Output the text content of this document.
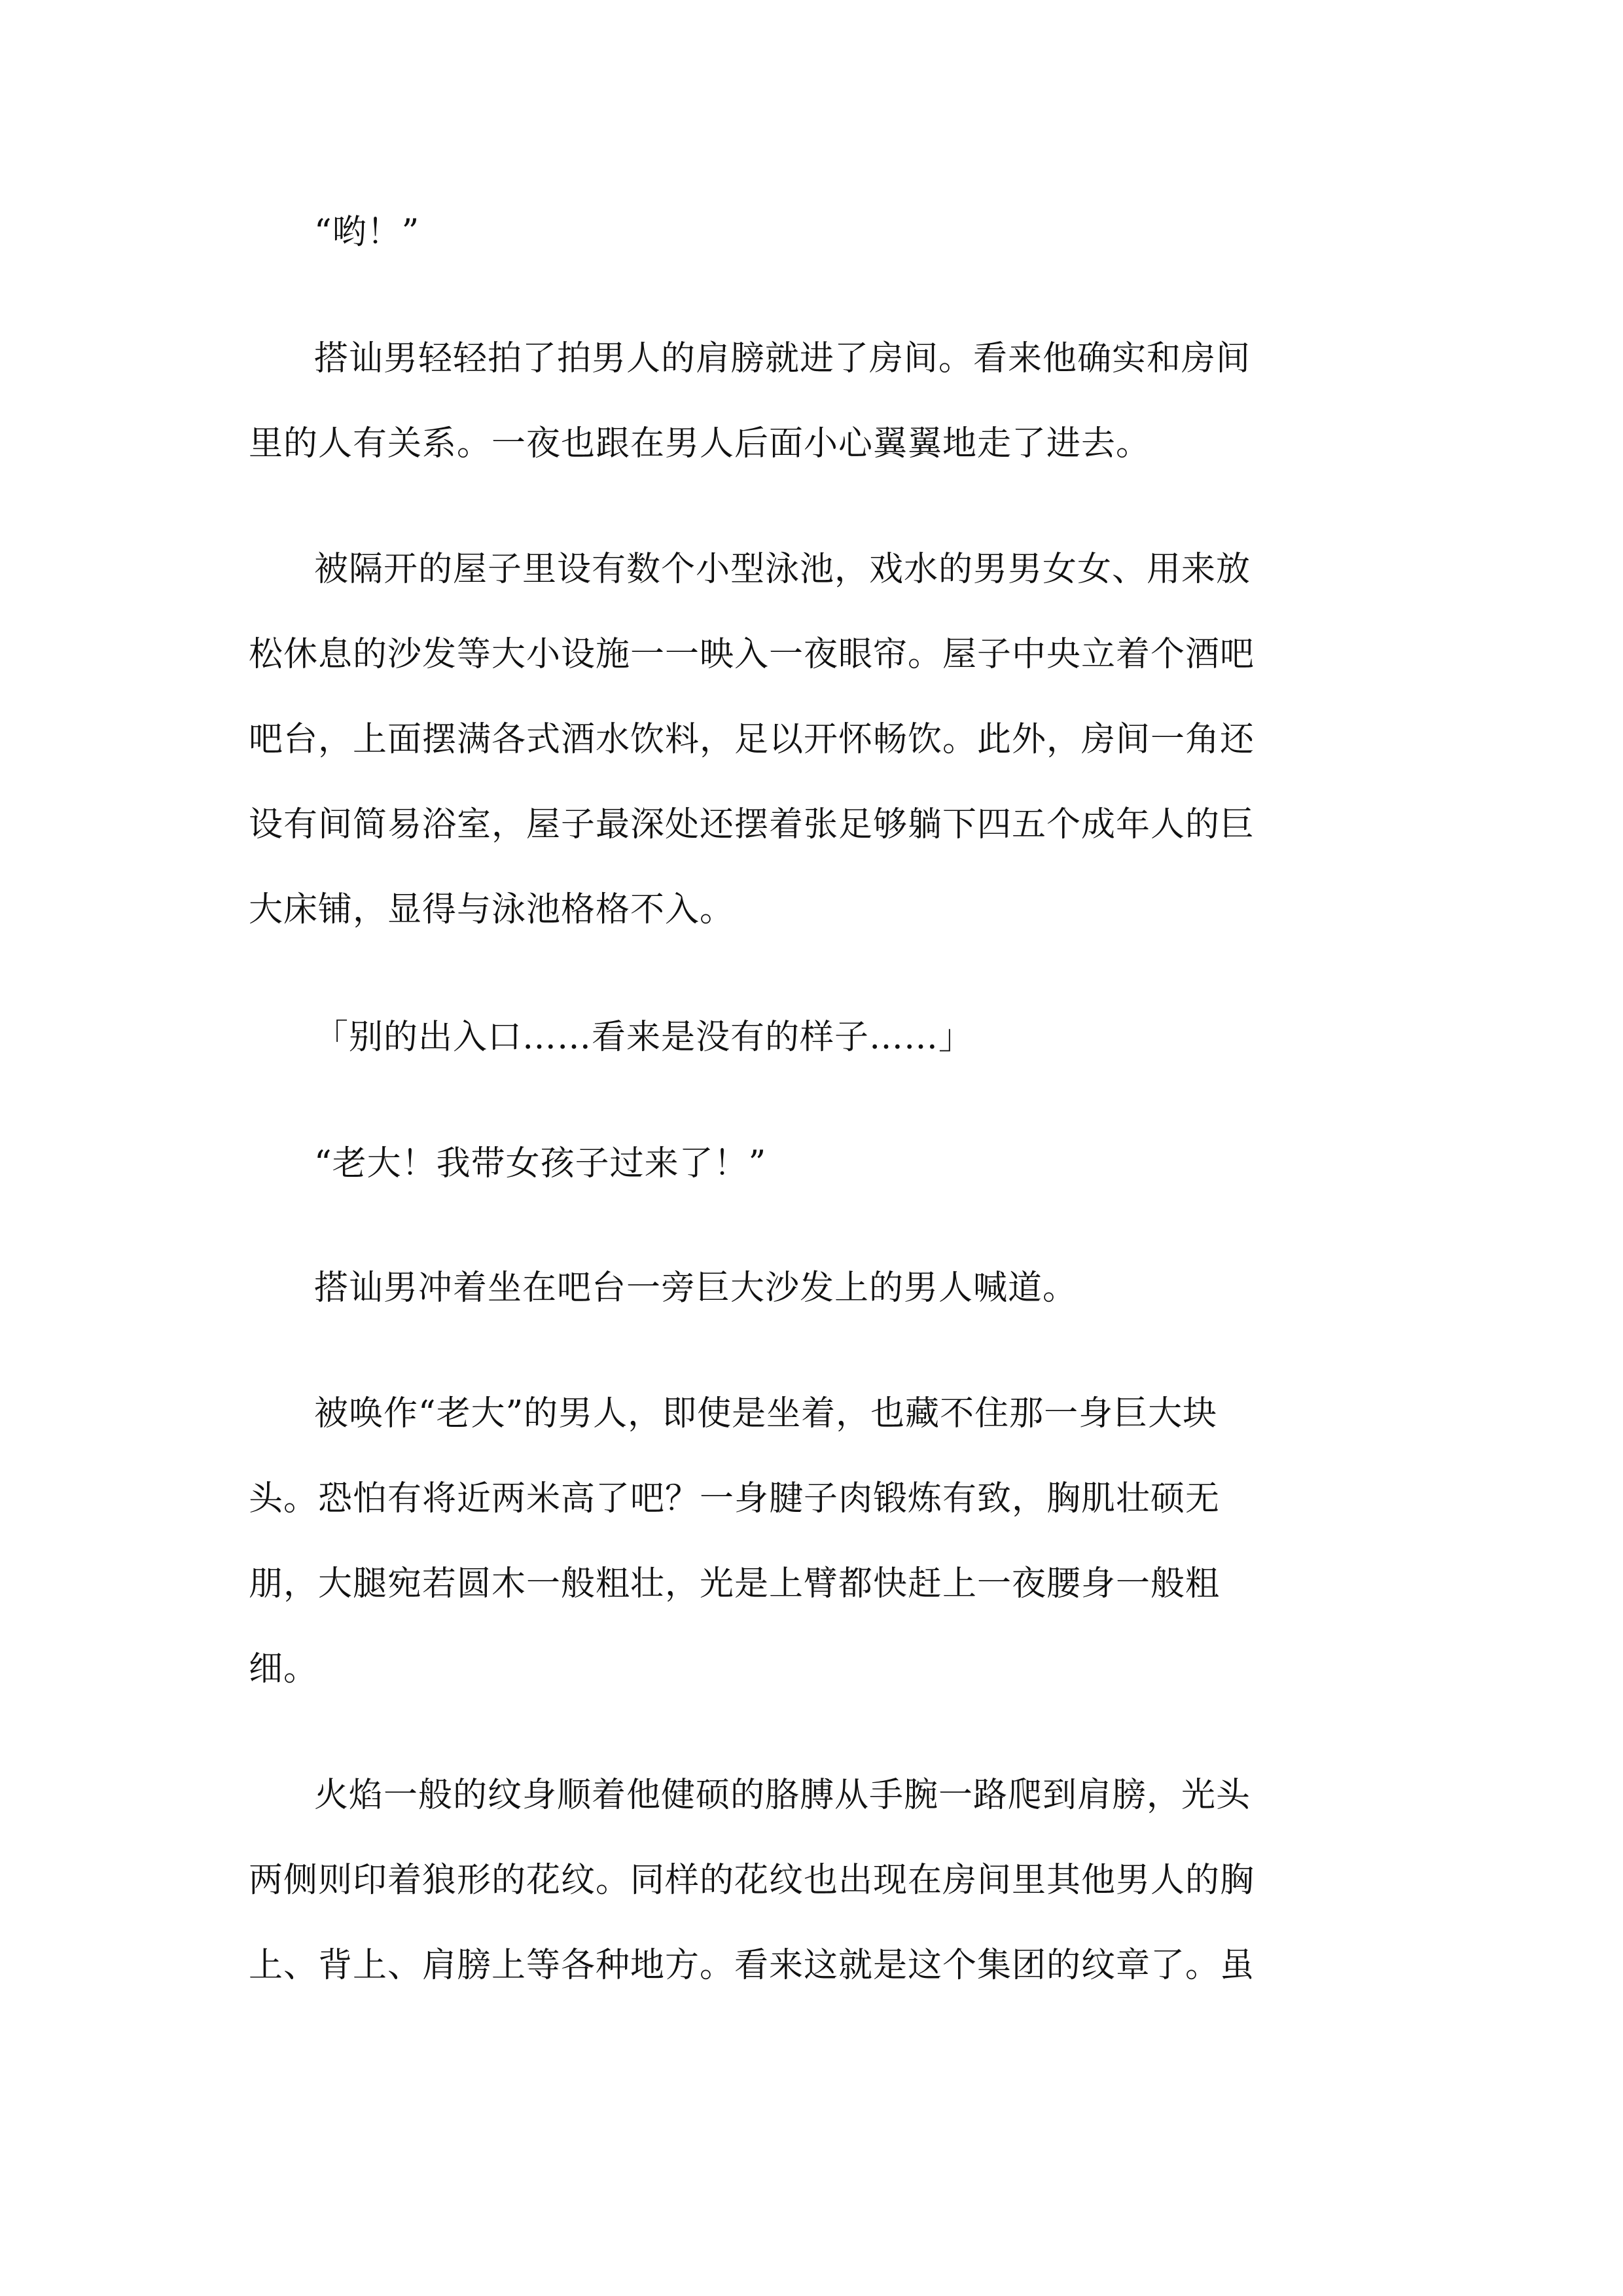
“哟！”
搭讪男轻轻拍了拍男人的肩膀就进了房间。看来他确实和房间
里的人有关系。一夜也跟在男人后面小心翼翼地走了进去。
被隔开的屋子里设有数个小型泳池，戏水的男男女女、用来放
松休息的沙发等大小设施一一映入一夜眼帘。屋子中央立着个酒吧
吧台，上面摆满各式酒水饮料，足以开怀畅饮。此外，房间一角还
设有间简易浴室，屋子最深处还摆着张足够躺下四五个成年人的巨
大床铺，显得与泳池格格不入。
「别的出入口……看来是没有的样子……」
“老大！我带女孩子过来了！”
搭讪男冲着坐在吧台一旁巨大沙发上的男人喊道。
被唤作“老大”的男人，即使是坐着，也藏不住那一身巨大块
头。恐怕有将近两米高了吧？一身腱子肉锻炼有致，胸肌壮硕无
朋，大腿宛若圆木一般粗壮，光是上臂都快赶上一夜腰身一般粗
细。
火焰一般的纹身顺着他健硕的胳膊从手腕一路爬到肩膀，光头
两侧则印着狼形的花纹。同样的花纹也出现在房间里其他男人的胸
上、背上、肩膀上等各种地方。看来这就是这个集团的纹章了。虽
